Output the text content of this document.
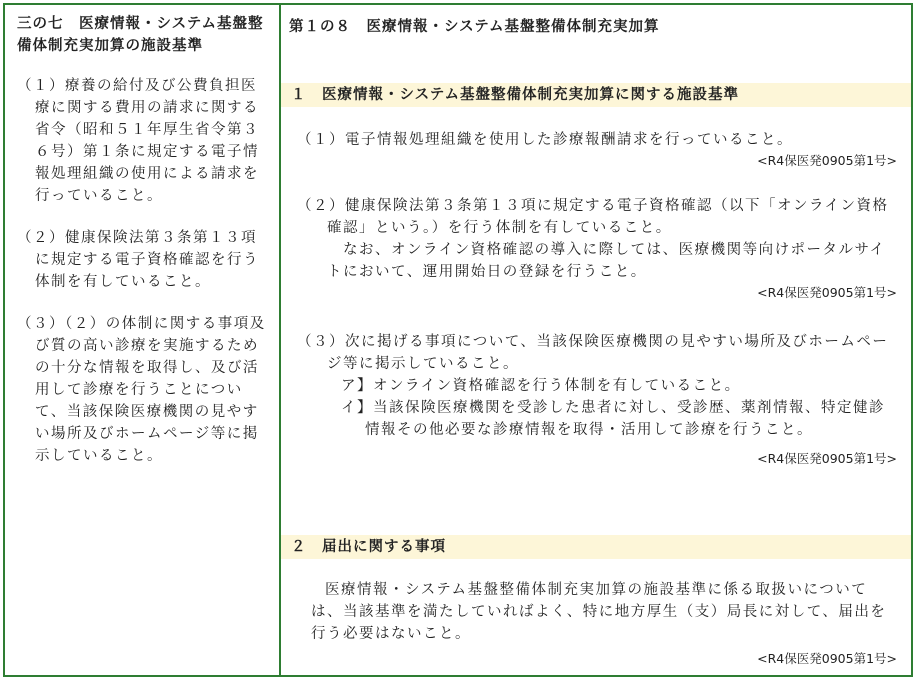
三の七　医療情報・システム基盤整備体制充実加算の施設基準
（１）療養の給付及び公費負担医療に関する費用の請求に関する省令（昭和５１年厚生省令第３６号）第１条に規定する電子情報処理組織の使用による請求を行っていること。
（２）健康保険法第３条第１３項に規定する電子資格確認を行う体制を有していること。
（３）（２）の体制に関する事項及び質の高い診療を実施するための十分な情報を取得し、及び活用して診療を行うことについて、当該保険医療機関の見やすい場所及びホームページ等に掲示していること。
第１の８　医療情報・システム基盤整備体制充実加算
１　医療情報・システム基盤整備体制充実加算に関する施設基準
（１）電子情報処理組織を使用した診療報酬請求を行っていること。
<R4保医発0905第1号>
（２）健康保険法第３条第１３項に規定する電子資格確認（以下「オンライン資格確認」という。）を行う体制を有していること。
なお、オンライン資格確認の導入に際しては、医療機関等向けポータルサイトにおいて、運用開始日の登録を行うこと。
<R4保医発0905第1号>
（３）次に掲げる事項について、当該保険医療機関の見やすい場所及びホームページ等に掲示していること。
ア】オンライン資格確認を行う体制を有していること。
イ】当該保険医療機関を受診した患者に対し、受診歴、薬剤情報、特定健診情報その他必要な診療情報を取得・活用して診療を行うこと。
<R4保医発0905第1号>
２　届出に関する事項
医療情報・システム基盤整備体制充実加算の施設基準に係る取扱いについては、当該基準を満たしていればよく、特に地方厚生（支）局長に対して、届出を行う必要はないこと。
<R4保医発0905第1号>
